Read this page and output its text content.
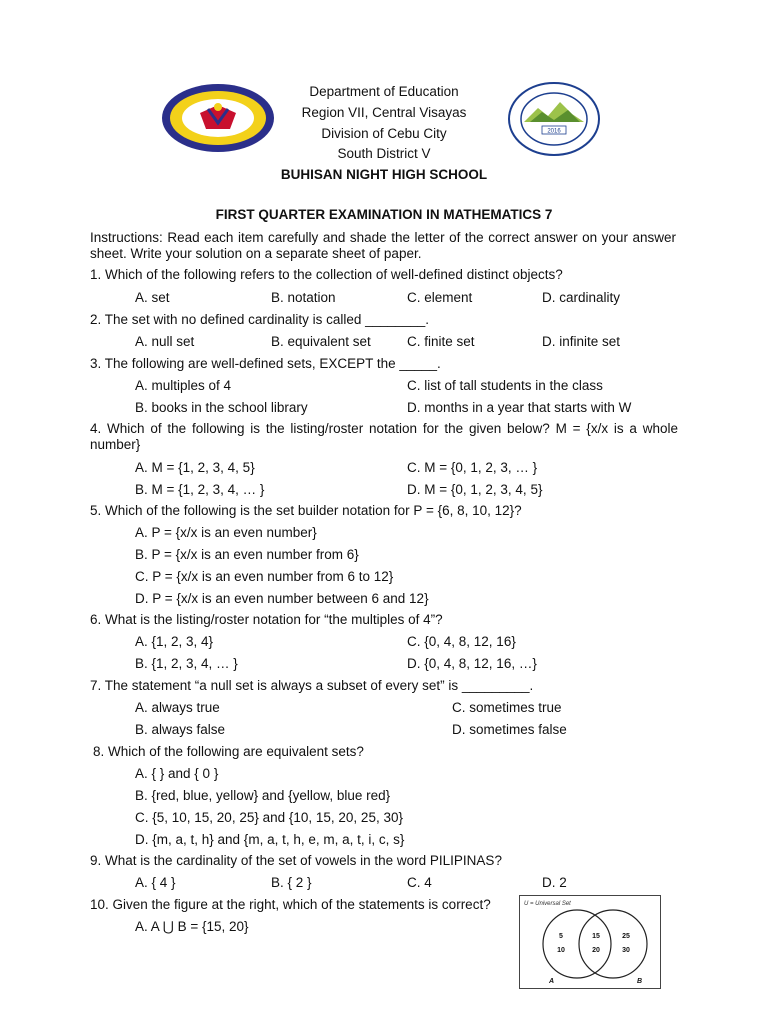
2016
Department of Education
Region VII, Central Visayas
Division of Cebu City
South District V
BUHISAN NIGHT HIGH SCHOOL
FIRST QUARTER EXAMINATION IN MATHEMATICS 7
Instructions: Read each item carefully and shade the letter of the correct answer on your answer sheet. Write your solution on a separate sheet of paper.
1. Which of the following refers to the collection of well-defined distinct objects?
A. set	B. notation	C. element	D. cardinality
2. The set with no defined cardinality is called ________.
A. null set	B. equivalent set	C. finite set	D. infinite set
3. The following are well-defined sets, EXCEPT the _____.
A. multiples of 4	C. list of tall students in the class
B. books in the school library	D. months in a year that starts with W
4. Which of the following is the listing/roster notation for the given below? M = {x/x is a whole number}
A. M = {1, 2, 3, 4, 5}	C. M = {0, 1, 2, 3, … }
B. M = {1, 2, 3, 4, … }	D. M = {0, 1, 2, 3, 4, 5}
5. Which of the following is the set builder notation for P = {6, 8, 10, 12}?
A. P = {x/x is an even number}
B. P = {x/x is an even number from 6}
C. P = {x/x is an even number from 6 to 12}
D. P = {x/x is an even number between 6 and 12}
6. What is the listing/roster notation for “the multiples of 4”?
A. {1, 2, 3, 4}	C. {0, 4, 8, 12, 16}
B. {1, 2, 3, 4, … }	D. {0, 4, 8, 12, 16, …}
7. The statement “a null set is always a subset of every set” is _________.
A. always true	C. sometimes true
B. always false	D. sometimes false
8. Which of the following are equivalent sets?
A. { } and { 0 }
B. {red, blue, yellow} and {yellow, blue red}
C. {5, 10, 15, 20, 25} and {10, 15, 20, 25, 30}
D. {m, a, t, h} and {m, a, t, h, e, m, a, t, i, c, s}
9. What is the cardinality of the set of vowels in the word PILIPINAS?
A. { 4 }	B. { 2 }	C. 4	D. 2
10. Given the figure at the right, which of the statements is correct?
A. A ⋃ B = {15, 20}
U = Universal Set
5
10
15
20
25
30
A	B
